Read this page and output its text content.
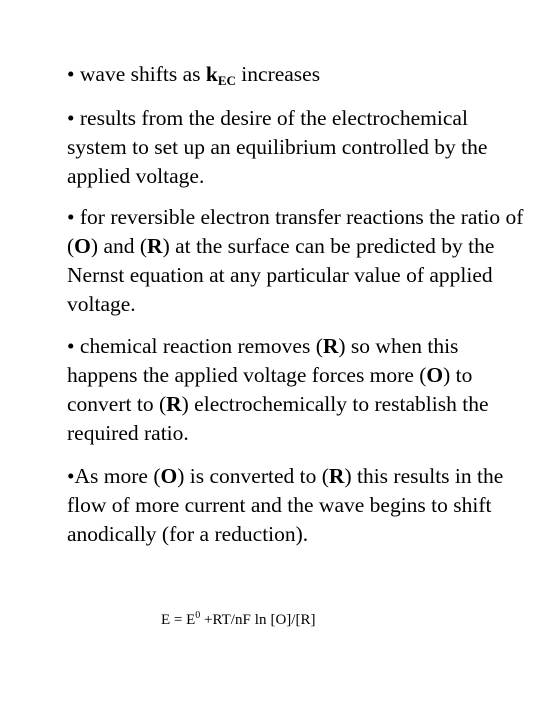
• wave shifts as $k_{EC}$ increases

• results from the desire of the electrochemical system to set up an equilibrium controlled by the applied voltage.

• for reversible electron transfer reactions the ratio of (O) and (R) at the surface can be predicted by the Nernst equation at any particular value of applied voltage.

• chemical reaction removes (R) so when this happens the applied voltage forces more (O) to convert to (R) electrochemically to restablish the required ratio.

•As more (O) is converted to (R) this results in the flow of more current and the wave begins to shift anodically (for a reduction).

$E = E^0 +RT/nF$ ln [O]/[R]
